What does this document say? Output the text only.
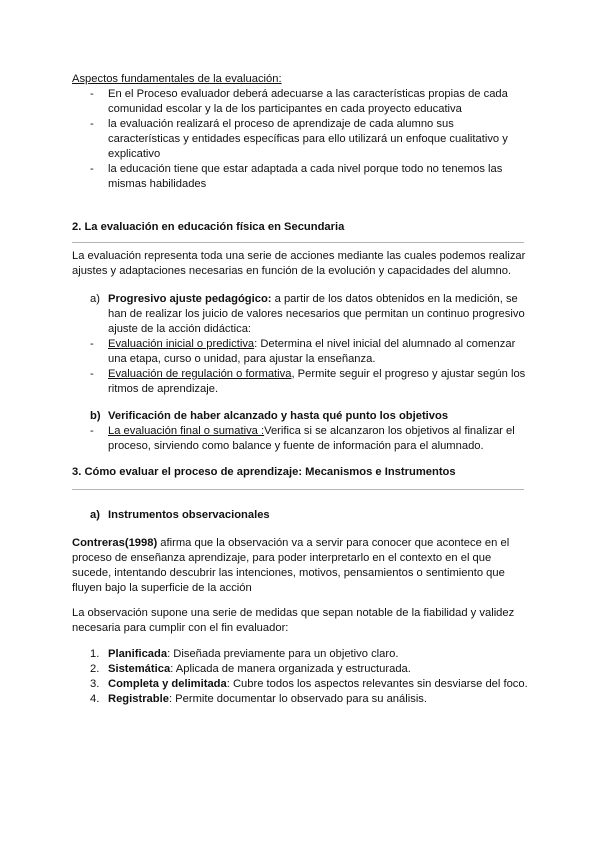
Aspectos fundamentales de la evaluación:
- En el Proceso evaluador deberá adecuarse a las características propias de cada
comunidad escolar y la de los participantes en cada proyecto educativa
- la evaluación realizará el proceso de aprendizaje de cada alumno sus
características y entidades específicas para ello utilizará un enfoque cualitativo y
explicativo
- la educación tiene que estar adaptada a cada nivel porque todo no tenemos las
mismas habilidades
2. La evaluación en educación física en Secundaria
La evaluación representa toda una serie de acciones mediante las cuales podemos realizar
ajustes y adaptaciones necesarias en función de la evolución y capacidades del alumno.
a) Progresivo ajuste pedagógico: a partir de los datos obtenidos en la medición, se
han de realizar los juicio de valores necesarios que permitan un continuo progresivo
ajuste de la acción didáctica:
- Evaluación inicial o predictiva: Determina el nivel inicial del alumnado al comenzar
una etapa, curso o unidad, para ajustar la enseñanza.
- Evaluación de regulación o formativa, Permite seguir el progreso y ajustar según los
ritmos de aprendizaje.
b) Verificación de haber alcanzado y hasta qué punto los objetivos
- La evaluación final o sumativa :Verifica si se alcanzaron los objetivos al finalizar el
proceso, sirviendo como balance y fuente de información para el alumnado.
3. Cómo evaluar el proceso de aprendizaje: Mecanismos e Instrumentos
a) Instrumentos observacionales
Contreras(1998) afirma que la observación va a servir para conocer que acontece en el
proceso de enseñanza aprendizaje, para poder interpretarlo en el contexto en el que
sucede, intentando descubrir las intenciones, motivos, pensamientos o sentimiento que
fluyen bajo la superficie de la acción
La observación supone una serie de medidas que sepan notable de la fiabilidad y validez
necesaria para cumplir con el fin evaluador:
1. Planificada: Diseñada previamente para un objetivo claro.
2. Sistemática: Aplicada de manera organizada y estructurada.
3. Completa y delimitada: Cubre todos los aspectos relevantes sin desviarse del foco.
4. Registrable: Permite documentar lo observado para su análisis.
